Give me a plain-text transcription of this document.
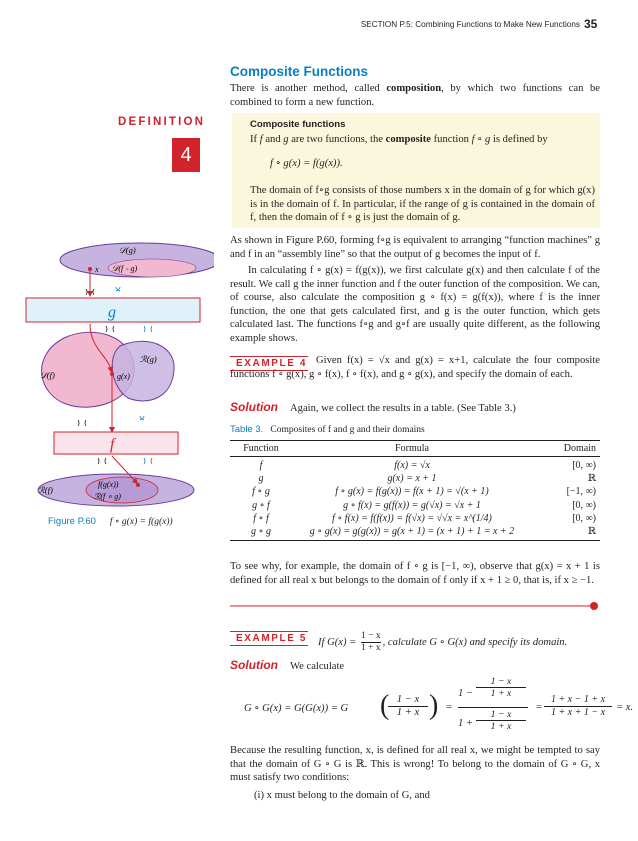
SECTION P.5: Combining Functions to Make New Functions 35
Composite Functions

There is another method, called composition, by which two functions can be combined to form a new function.

DEFINITION
4
Composite functions

If f and g are two functions, the composite function f ∘ g is defined by

f ∘ g(x) = f(g(x)).

The domain of f∘g consists of those numbers x in the domain of g for which g(x) is in the domain of f. In particular, if the range of g is contained in the domain of f, then the domain of f ∘ g is just the domain of g.

As shown in Figure P.60, forming f∘g is equivalent to arranging “function machines” g and f in an “assembly line” so that the output of g becomes the input of f.

In calculating f ∘ g(x) = f(g(x)), we first calculate g(x) and then calculate f of the result. We call g the inner function and f the outer function of the composition. We can, of course, also calculate the composition g ∘ f(x) = g(f(x)), where f is the inner function, the one that gets calculated first, and g is the outer function, which gets calculated last. The functions f∘g and g∘f are usually quite different, as the following example shows.

EXAMPLE 4 Given f(x) = √x and g(x) = x+1, calculate the four composite functions f ∘ g(x), g ∘ f(x), f ∘ f(x), and g ∘ g(x), and specify the domain of each.

Solution Again, we collect the results in a table. (See Table 3.)

Table 3. Composites of f and g and their domains
Function	Formula	Domain
f	f(x) = √x	[0, ∞)
g	g(x) = x + 1	ℝ
f ∘ g	f ∘ g(x) = f(g(x)) = f(x + 1) = √(x + 1)	[−1, ∞)
g ∘ f	g ∘ f(x) = g(f(x)) = g(√x) = √x + 1	[0, ∞)
f ∘ f	f ∘ f(x) = f(f(x)) = f(√x) = √√x = x^(1/4)	[0, ∞)
g ∘ g	g ∘ g(x) = g(g(x)) = g(x + 1) = (x + 1) + 1 = x + 2	ℝ

To see why, for example, the domain of f ∘ g is [−1, ∞), observe that g(x) = x + 1 is defined for all real x but belongs to the domain of f only if x + 1 ≥ 0, that is, if x ≥ −1.

EXAMPLE 5 If $G(x) = \frac{1 - x}{1 + x}$ , calculate G ∘ G(x) and specify its domain.
Solution We calculate

G ∘ G(x) = G(G(x)) = G ( 1 − x
1 + x ) =
1 −
1 − x
1 + x
1 +
1 − x
1 + x
=
1 + x − 1 + x
1 + x + 1 − x	= x.

Because the resulting function, x, is defined for all real x, we might be tempted to say that the domain of G ∘ G is ℝ. This is wrong! To belong to the domain of G ∘ G, x must satisfy two conditions:

(i) x must belong to the domain of G, and

𝒟(g)
𝒟(f ∘ g)
x
g
ℛ(g)
𝒟(f)	g(x)
f
ℛ(f)
f(g(x))
ℛ(f ∘ g)
Figure P.60 f ∘ g(x) = f(g(x))
